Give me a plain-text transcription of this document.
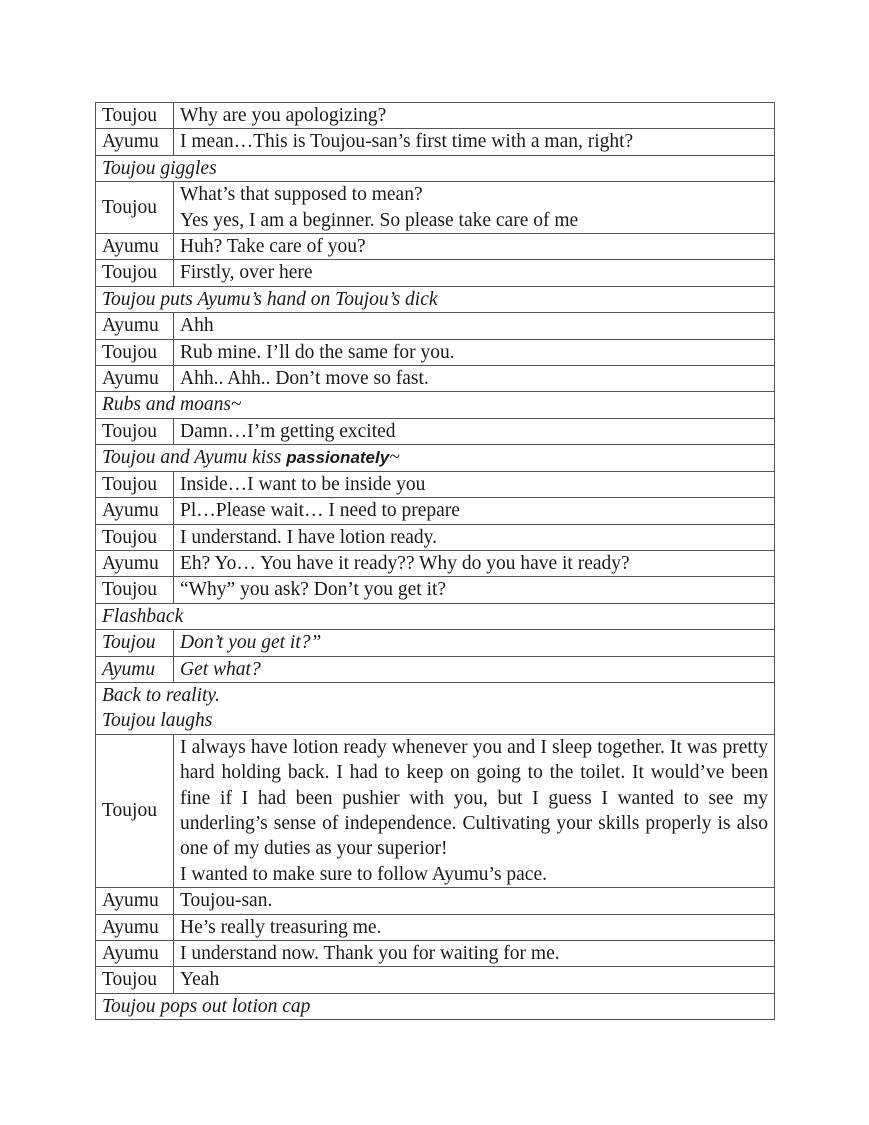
Toujou	Why are you apologizing?
Ayumu	I mean…This is Toujou-san’s first time with a man, right?
Toujou giggles	
Toujou	What’s that supposed to mean?
Yes yes, I am a beginner. So please take care of me

Ayumu	Huh? Take care of you?
Toujou	Firstly, over here
Toujou puts Ayumu’s hand on Toujou’s dick	
Ayumu	Ahh
Toujou	Rub mine. I’ll do the same for you.
Ayumu	Ahh.. Ahh.. Don’t move so fast.
Rubs and moans~	
Toujou	Damn…I’m getting excited
Toujou and Ayumu kiss passionately~	
Toujou	Inside…I want to be inside you
Ayumu	Pl…Please wait… I need to prepare
Toujou	I understand. I have lotion ready.
Ayumu	Eh? Yo… You have it ready?? Why do you have it ready?
Toujou	“Why” you ask? Don’t you get it?
Flashback	
Toujou	Don’t you get it?”
Ayumu	Get what?

Back to reality.
Toujou laughs	

Toujou	I always have lotion ready whenever you and I sleep together. It was pretty hard holding back. I had to keep on going to the toilet. It would’ve been fine if I had been pushier with you, but I guess I wanted to see my underling’s sense of independence. Cultivating your skills properly is also one of my duties as your superior!
I wanted to make sure to follow Ayumu’s pace.

Ayumu	Toujou-san.
Ayumu	He’s really treasuring me.
Ayumu	I understand now. Thank you for waiting for me.
Toujou	Yeah
Toujou pops out lotion cap	
